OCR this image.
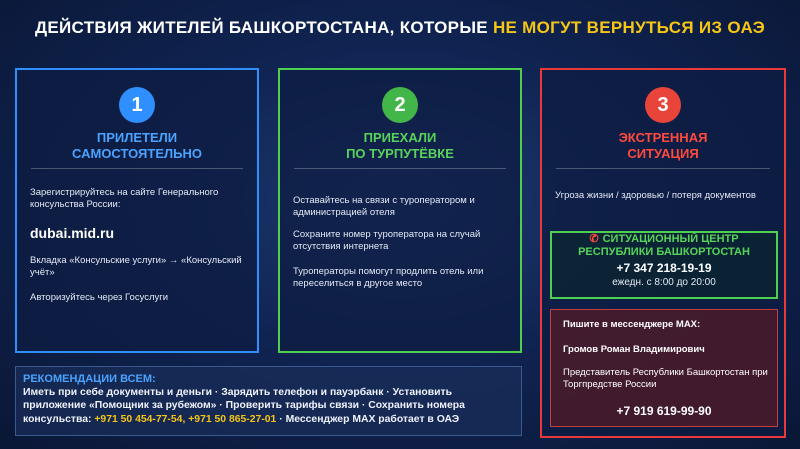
ДЕЙСТВИЯ ЖИТЕЛЕЙ БАШКОРТОСТАНА, КОТОРЫЕ НЕ МОГУТ ВЕРНУТЬСЯ ИЗ ОАЭ
1
ПРИЛЕТЕЛИ
САМОСТОЯТЕЛЬНО
Зарегистрируйтесь на сайте Генерального консульства России:
dubai.mid.ru
Вкладка «Консульские услуги» → «Консульский учёт»
Авторизуйтесь через Госуслуги
2
ПРИЕХАЛИ
ПО ТУРПУТЁВКЕ
Оставайтесь на связи с туроператором и администрацией отеля
Сохраните номер туроператора на случай отсутствия интернета
Туроператоры помогут продлить отель или переселиться в другое место
3
ЭКСТРЕННАЯ
СИТУАЦИЯ
Угроза жизни / здоровью / потеря документов
✆ СИТУАЦИОННЫЙ ЦЕНТР
РЕСПУБЛИКИ БАШКОРТОСТАН
+7 347 218-19-19
ежедн. с 8:00 до 20:00
Пишите в мессенджере MAX:
Громов Роман Владимирович
Представитель Республики Башкортостан при Торгпредстве России
+7 919 619-99-90
РЕКОМЕНДАЦИИ ВСЕМ:
Иметь при себе документы и деньги · Зарядить телефон и пауэрбанк · Установить
приложение «Помощник за рубежом» · Проверить тарифы связи · Сохранить номера
консульства: +971 50 454-77-54, +971 50 865-27-01 · Мессенджер MAX работает в ОАЭ
